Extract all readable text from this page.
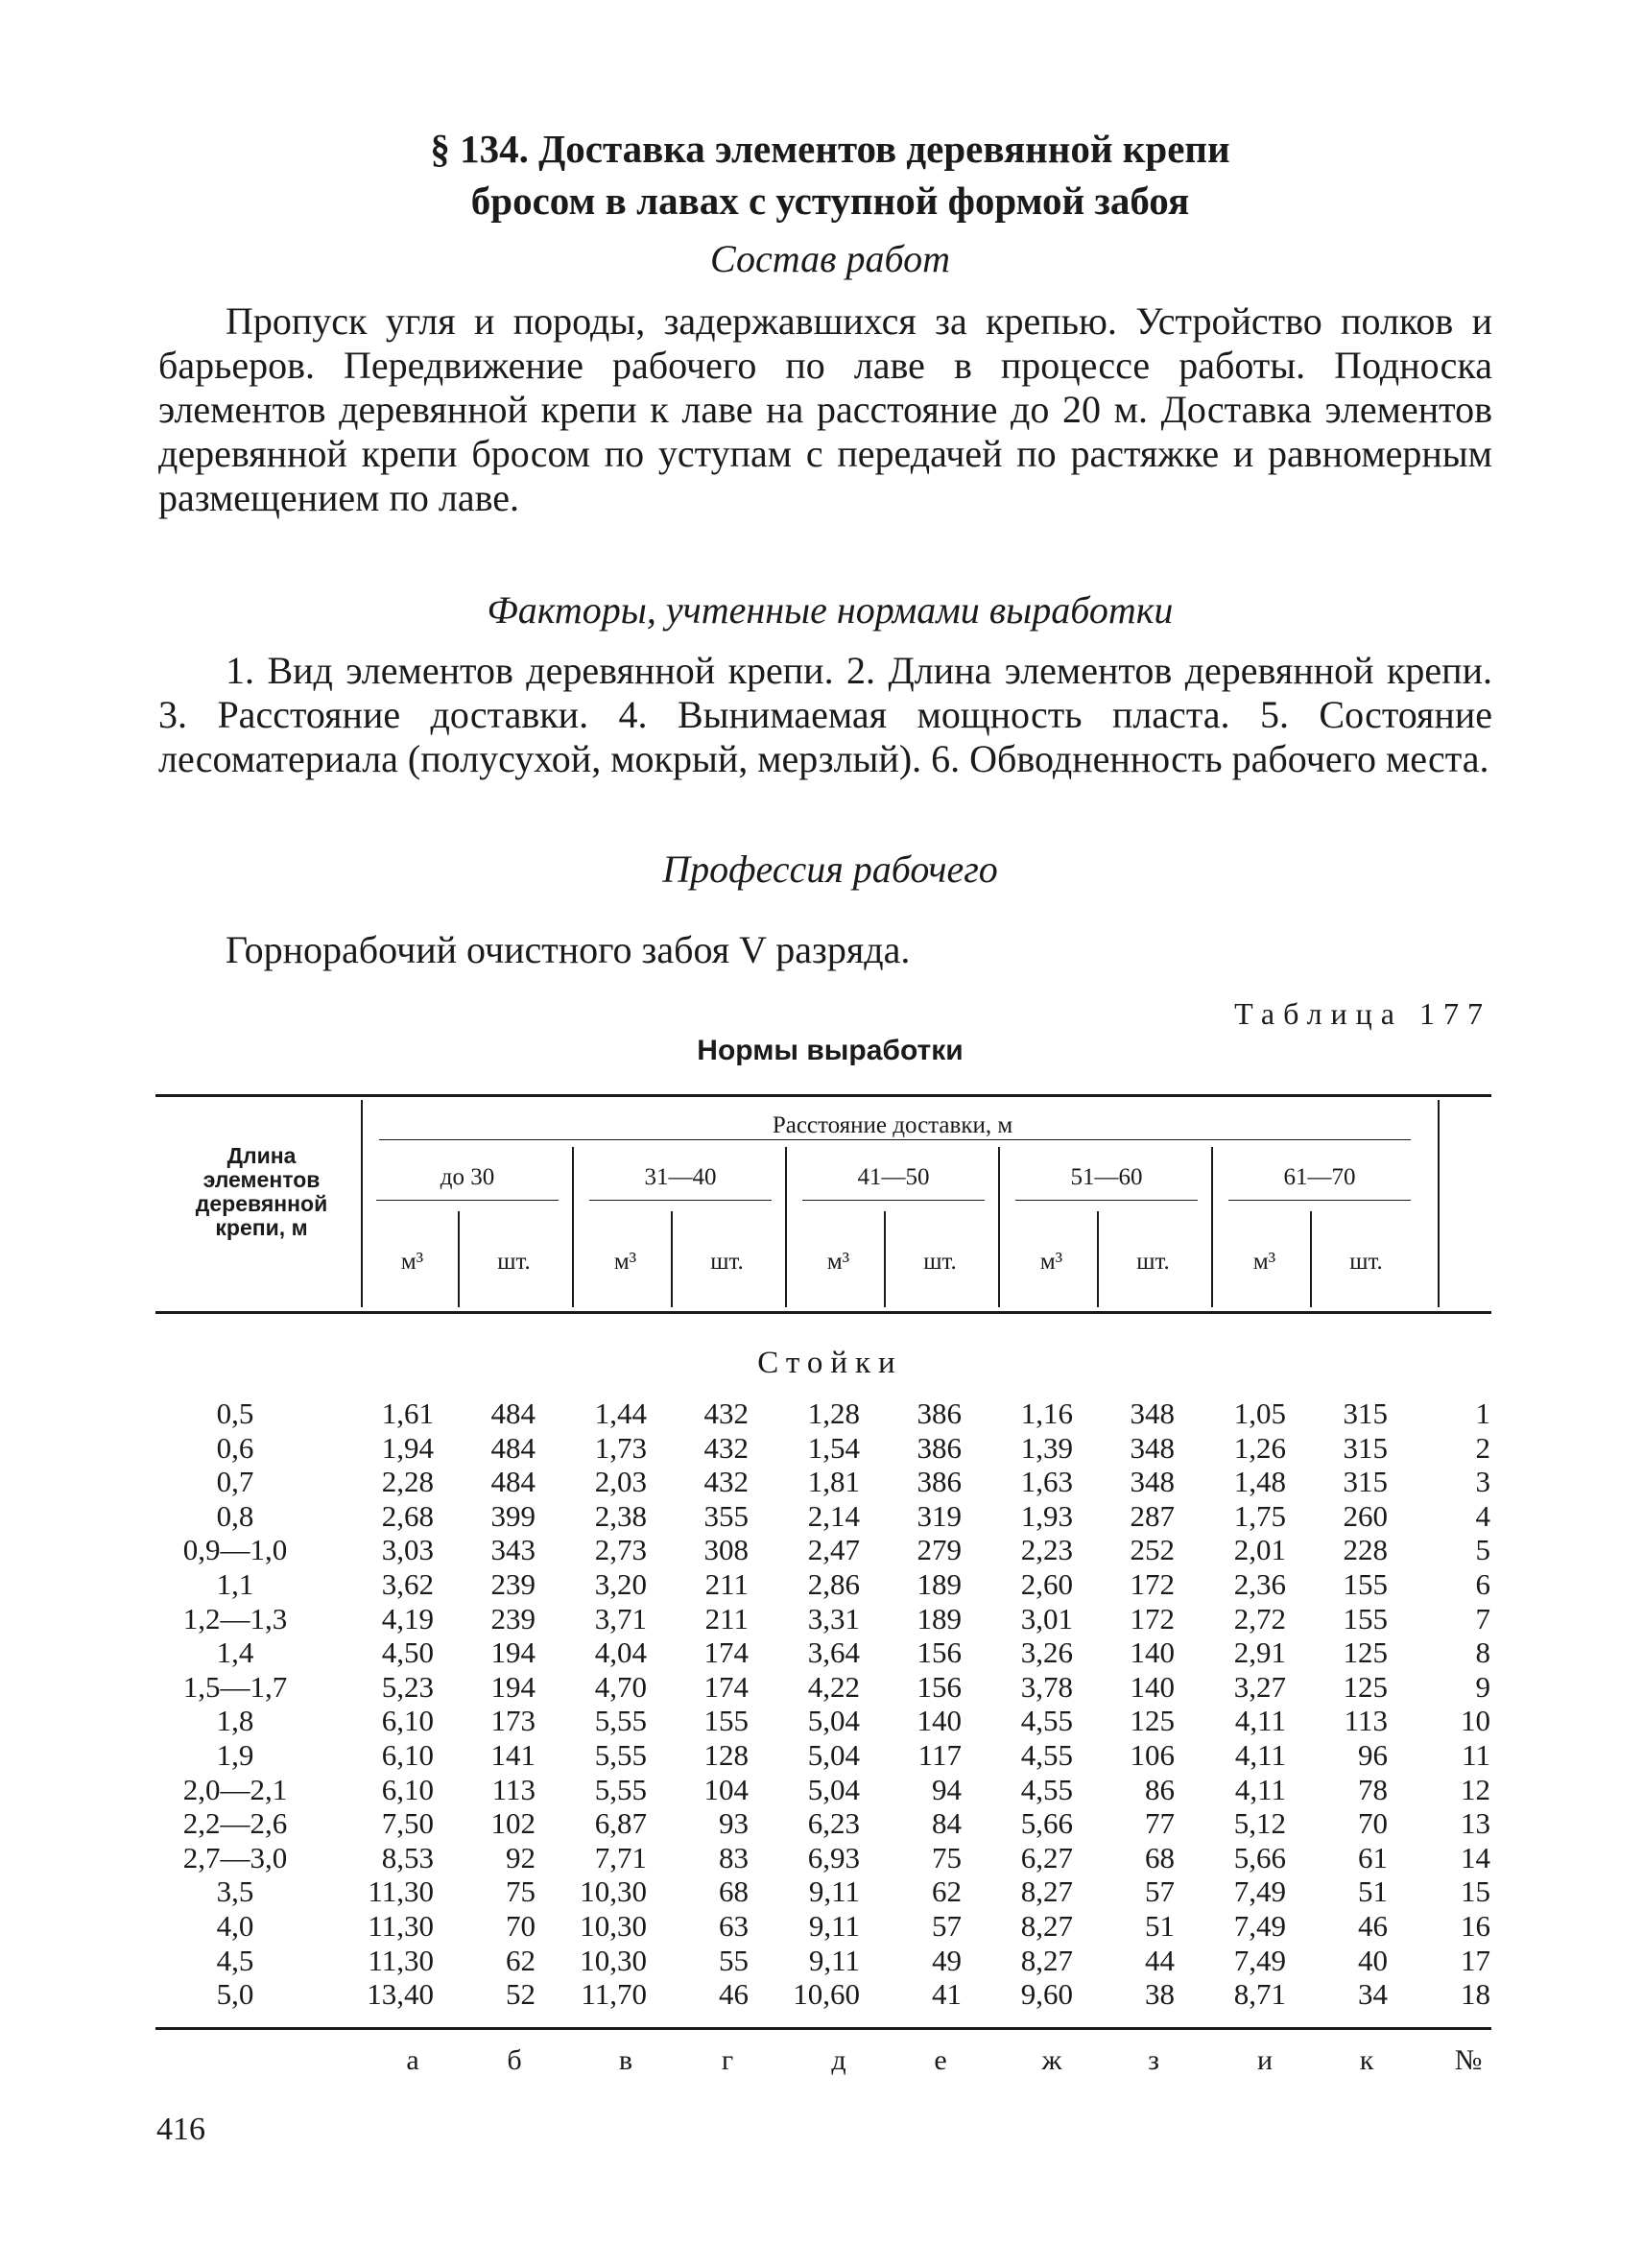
§ 134. Доставка элементов деревянной крепи
бросом в лавах с уступной формой забоя
Состав работ
Пропуск угля и породы, задержавшихся за крепью. Устройство полков и барьеров. Передвижение рабочего по лаве в процессе работы. Подноска элементов деревянной крепи к лаве на расстояние до 20 м. Доставка элементов деревянной крепи бросом по уступам с передачей по растяжке и равномерным размещением по лаве.
Факторы, учтенные нормами выработки
1. Вид элементов деревянной крепи. 2. Длина элементов деревянной крепи. 3. Расстояние доставки. 4. Вынимаемая мощность пласта. 5. Состояние лесоматериала (полусухой, мокрый, мерзлый). 6. Обводненность рабочего места.
Профессия рабочего
Горнорабочий очистного забоя V разряда.
Таблица 177
Нормы выработки
Длина
элементов
деревянной
крепи, м
Расстояние доставки, м
до 30	31—40	41—50	51—60	61—70
м³	шт.	м³	шт.	м³	шт.	м³	шт.	м³	шт.
Стойки
0,5	1,61	484	1,44	432	1,28	386	1,16	348	1,05	315	1
0,6	1,94	484	1,73	432	1,54	386	1,39	348	1,26	315	2
0,7	2,28	484	2,03	432	1,81	386	1,63	348	1,48	315	3
0,8	2,68	399	2,38	355	2,14	319	1,93	287	1,75	260	4
0,9—1,0	3,03	343	2,73	308	2,47	279	2,23	252	2,01	228	5
1,1	3,62	239	3,20	211	2,86	189	2,60	172	2,36	155	6
1,2—1,3	4,19	239	3,71	211	3,31	189	3,01	172	2,72	155	7
1,4	4,50	194	4,04	174	3,64	156	3,26	140	2,91	125	8
1,5—1,7	5,23	194	4,70	174	4,22	156	3,78	140	3,27	125	9
1,8	6,10	173	5,55	155	5,04	140	4,55	125	4,11	113	10
1,9	6,10	141	5,55	128	5,04	117	4,55	106	4,11	96	11
2,0—2,1	6,10	113	5,55	104	5,04	94	4,55	86	4,11	78	12
2,2—2,6	7,50	102	6,87	93	6,23	84	5,66	77	5,12	70	13
2,7—3,0	8,53	92	7,71	83	6,93	75	6,27	68	5,66	61	14
3,5	11,30	75	10,30	68	9,11	62	8,27	57	7,49	51	15
4,0	11,30	70	10,30	63	9,11	57	8,27	51	7,49	46	16
4,5	11,30	62	10,30	55	9,11	49	8,27	44	7,49	40	17
5,0	13,40	52	11,70	46	10,60	41	9,60	38	8,71	34	18
а	б	в	г	д	е	ж	з	и	к	№
416
